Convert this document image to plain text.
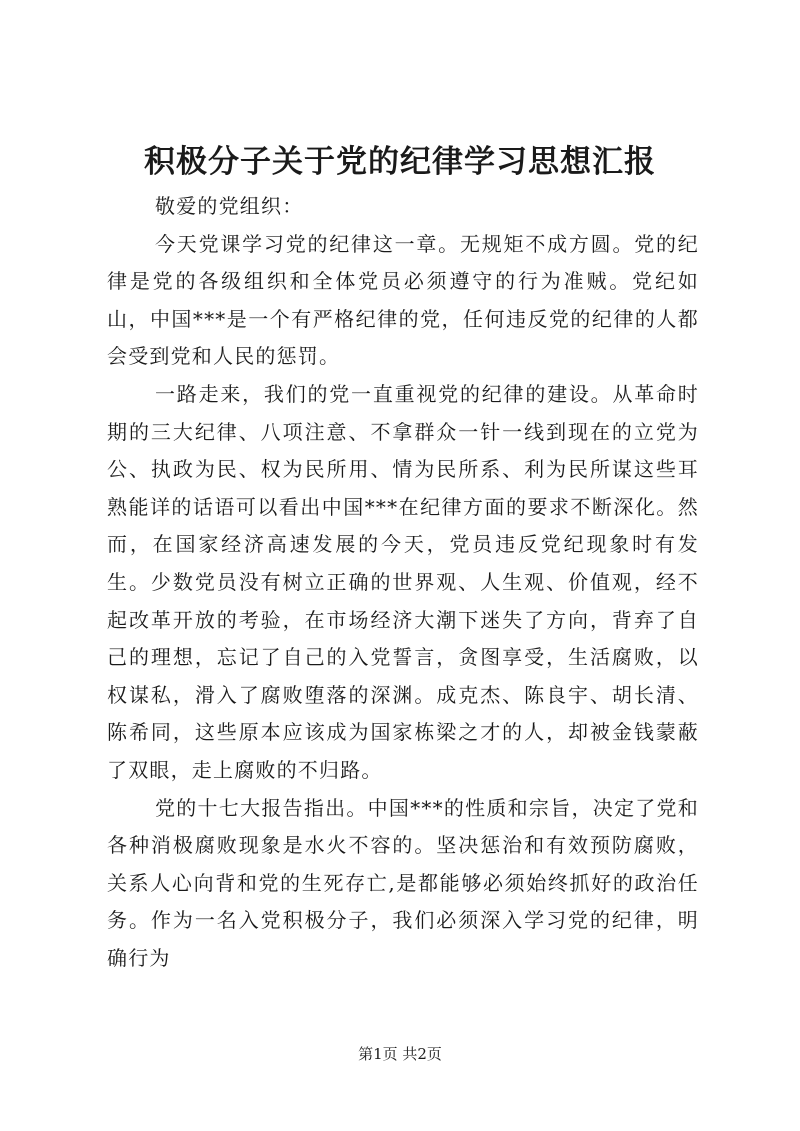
积极分子关于党的纪律学习思想汇报

敬爱的党组织：

今天党课学习党的纪律这一章。无规矩不成方圆。党的纪律是党的各级组织和全体党员必须遵守的行为准贼。党纪如山，中国***是一个有严格纪律的党，任何违反党的纪律的人都会受到党和人民的惩罚。

一路走来，我们的党一直重视党的纪律的建设。从革命时期的三大纪律、八项注意、不拿群众一针一线到现在的立党为公、执政为民、权为民所用、情为民所系、利为民所谋这些耳熟能详的话语可以看出中国***在纪律方面的要求不断深化。然而，在国家经济高速发展的今天，党员违反党纪现象时有发生。少数党员没有树立正确的世界观、人生观、价值观，经不起改革开放的考验，在市场经济大潮下迷失了方向，背弃了自己的理想，忘记了自己的入党誓言，贪图享受，生活腐败，以权谋私，滑入了腐败堕落的深渊。成克杰、陈良宇、胡长清、陈希同，这些原本应该成为国家栋梁之才的人，却被金钱蒙蔽了双眼，走上腐败的不归路。

党的十七大报告指出。中国***的性质和宗旨，决定了党和各种消极腐败现象是水火不容的。坚决惩治和有效预防腐败，关系人心向背和党的生死存亡,是都能够必须始终抓好的政治任务。作为一名入党积极分子，我们必须深入学习党的纪律，明确行为

第1页 共2页
